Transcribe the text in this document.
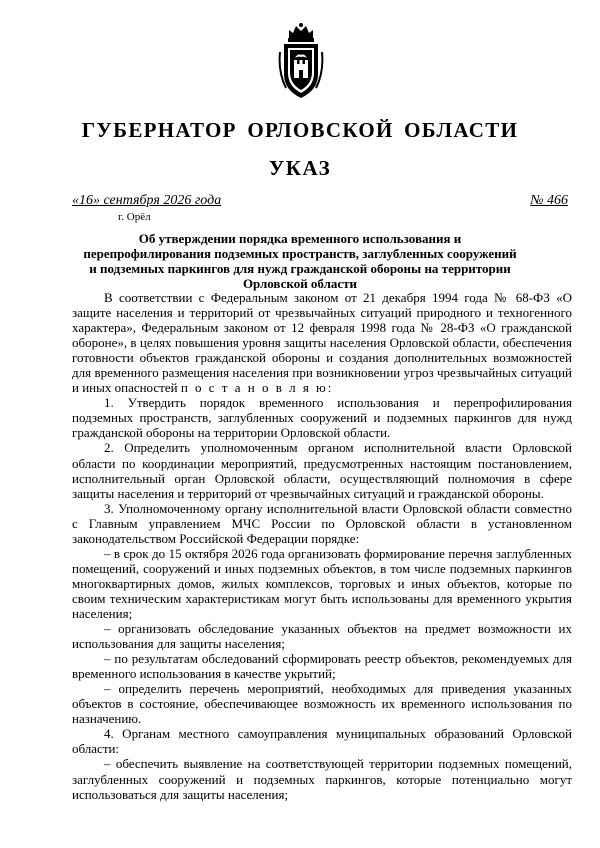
ГУБЕРНАТОР ОРЛОВСКОЙ ОБЛАСТИ
УКАЗ
«16» сентября 2026 года	№ 466
г. Орёл

Об утверждении порядка временного использования и перепрофилирования подземных пространств, заглубленных сооружений и подземных паркингов для нужд гражданской обороны на территории Орловской области

В соответствии с Федеральным законом от 21 декабря 1994 года № 68-ФЗ «О защите населения и территорий от чрезвычайных ситуаций природного и техногенного характера», Федеральным законом от 12 февраля 1998 года № 28-ФЗ «О гражданской обороне», в целях повышения уровня защиты населения Орловской области, обеспечения готовности объектов гражданской обороны и создания дополнительных возможностей для временного размещения населения при возникновении угроз чрезвычайных ситуаций и иных опасностей п о с т а н о в л я ю:

1. Утвердить порядок временного использования и перепрофилирования подземных пространств, заглубленных сооружений и подземных паркингов для нужд гражданской обороны на территории Орловской области.

2. Определить уполномоченным органом исполнительной власти Орловской области по координации мероприятий, предусмотренных настоящим постановлением, исполнительный орган Орловской области, осуществляющий полномочия в сфере защиты населения и территорий от чрезвычайных ситуаций и гражданской обороны.

3. Уполномоченному органу исполнительной власти Орловской области совместно с Главным управлением МЧС России по Орловской области в установленном законодательством Российской Федерации порядке:

– в срок до 15 октября 2026 года организовать формирование перечня заглубленных помещений, сооружений и иных подземных объектов, в том числе подземных паркингов многоквартирных домов, жилых комплексов, торговых и иных объектов, которые по своим техническим характеристикам могут быть использованы для временного укрытия населения;

– организовать обследование указанных объектов на предмет возможности их использования для защиты населения;

– по результатам обследований сформировать реестр объектов, рекомендуемых для временного использования в качестве укрытий;

– определить перечень мероприятий, необходимых для приведения указанных объектов в состояние, обеспечивающее возможность их временного использования по назначению.

4. Органам местного самоуправления муниципальных образований Орловской области:

– обеспечить выявление на соответствующей территории подземных помещений, заглубленных сооружений и подземных паркингов, которые потенциально могут использоваться для защиты населения;
